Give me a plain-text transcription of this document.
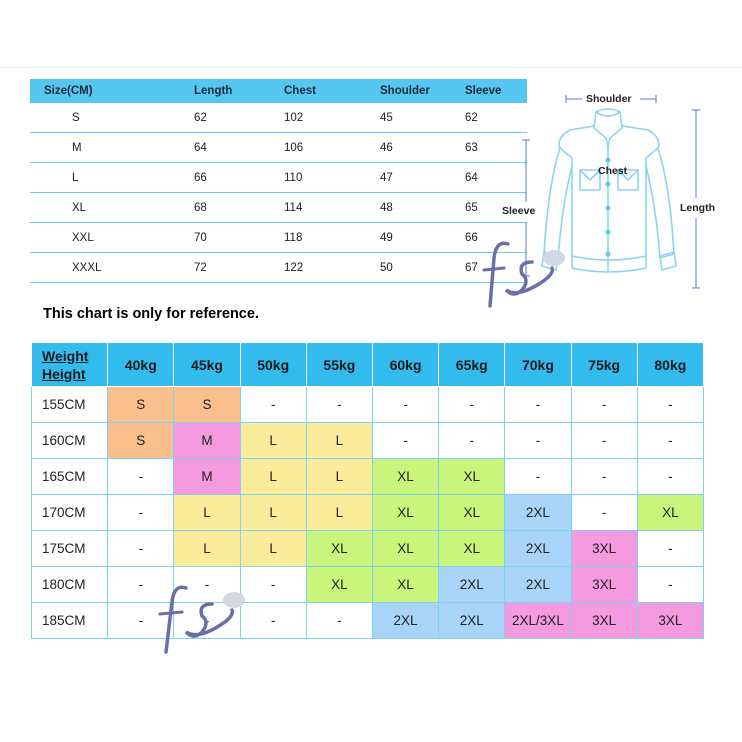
Size(CM)	Length	Chest	Shoulder	Sleeve
S	62	102	45	62
M	64	106	46	63
L	66	110	47	64
XL	68	114	48	65
XXL	70	118	49	66
XXXL	72	122	50	67
Shoulder
Chest
Sleeve	Length
This chart is only for reference.
Weight
Height	40kg	45kg	50kg	55kg	60kg	65kg	70kg	75kg	80kg
155CM	S	S	-	-	-	-	-	-	-
160CM	S	M	L	L	-	-	-	-	-
165CM	-	M	L	L	XL	XL	-	-	-
170CM	-	L	L	L	XL	XL	2XL	-	XL
175CM	-	L	L	XL	XL	XL	2XL	3XL	-
180CM	-	-	-	XL	XL	2XL	2XL	3XL	-
185CM	-	-	-	-	2XL	2XL	2XL/3XL	3XL	3XL
